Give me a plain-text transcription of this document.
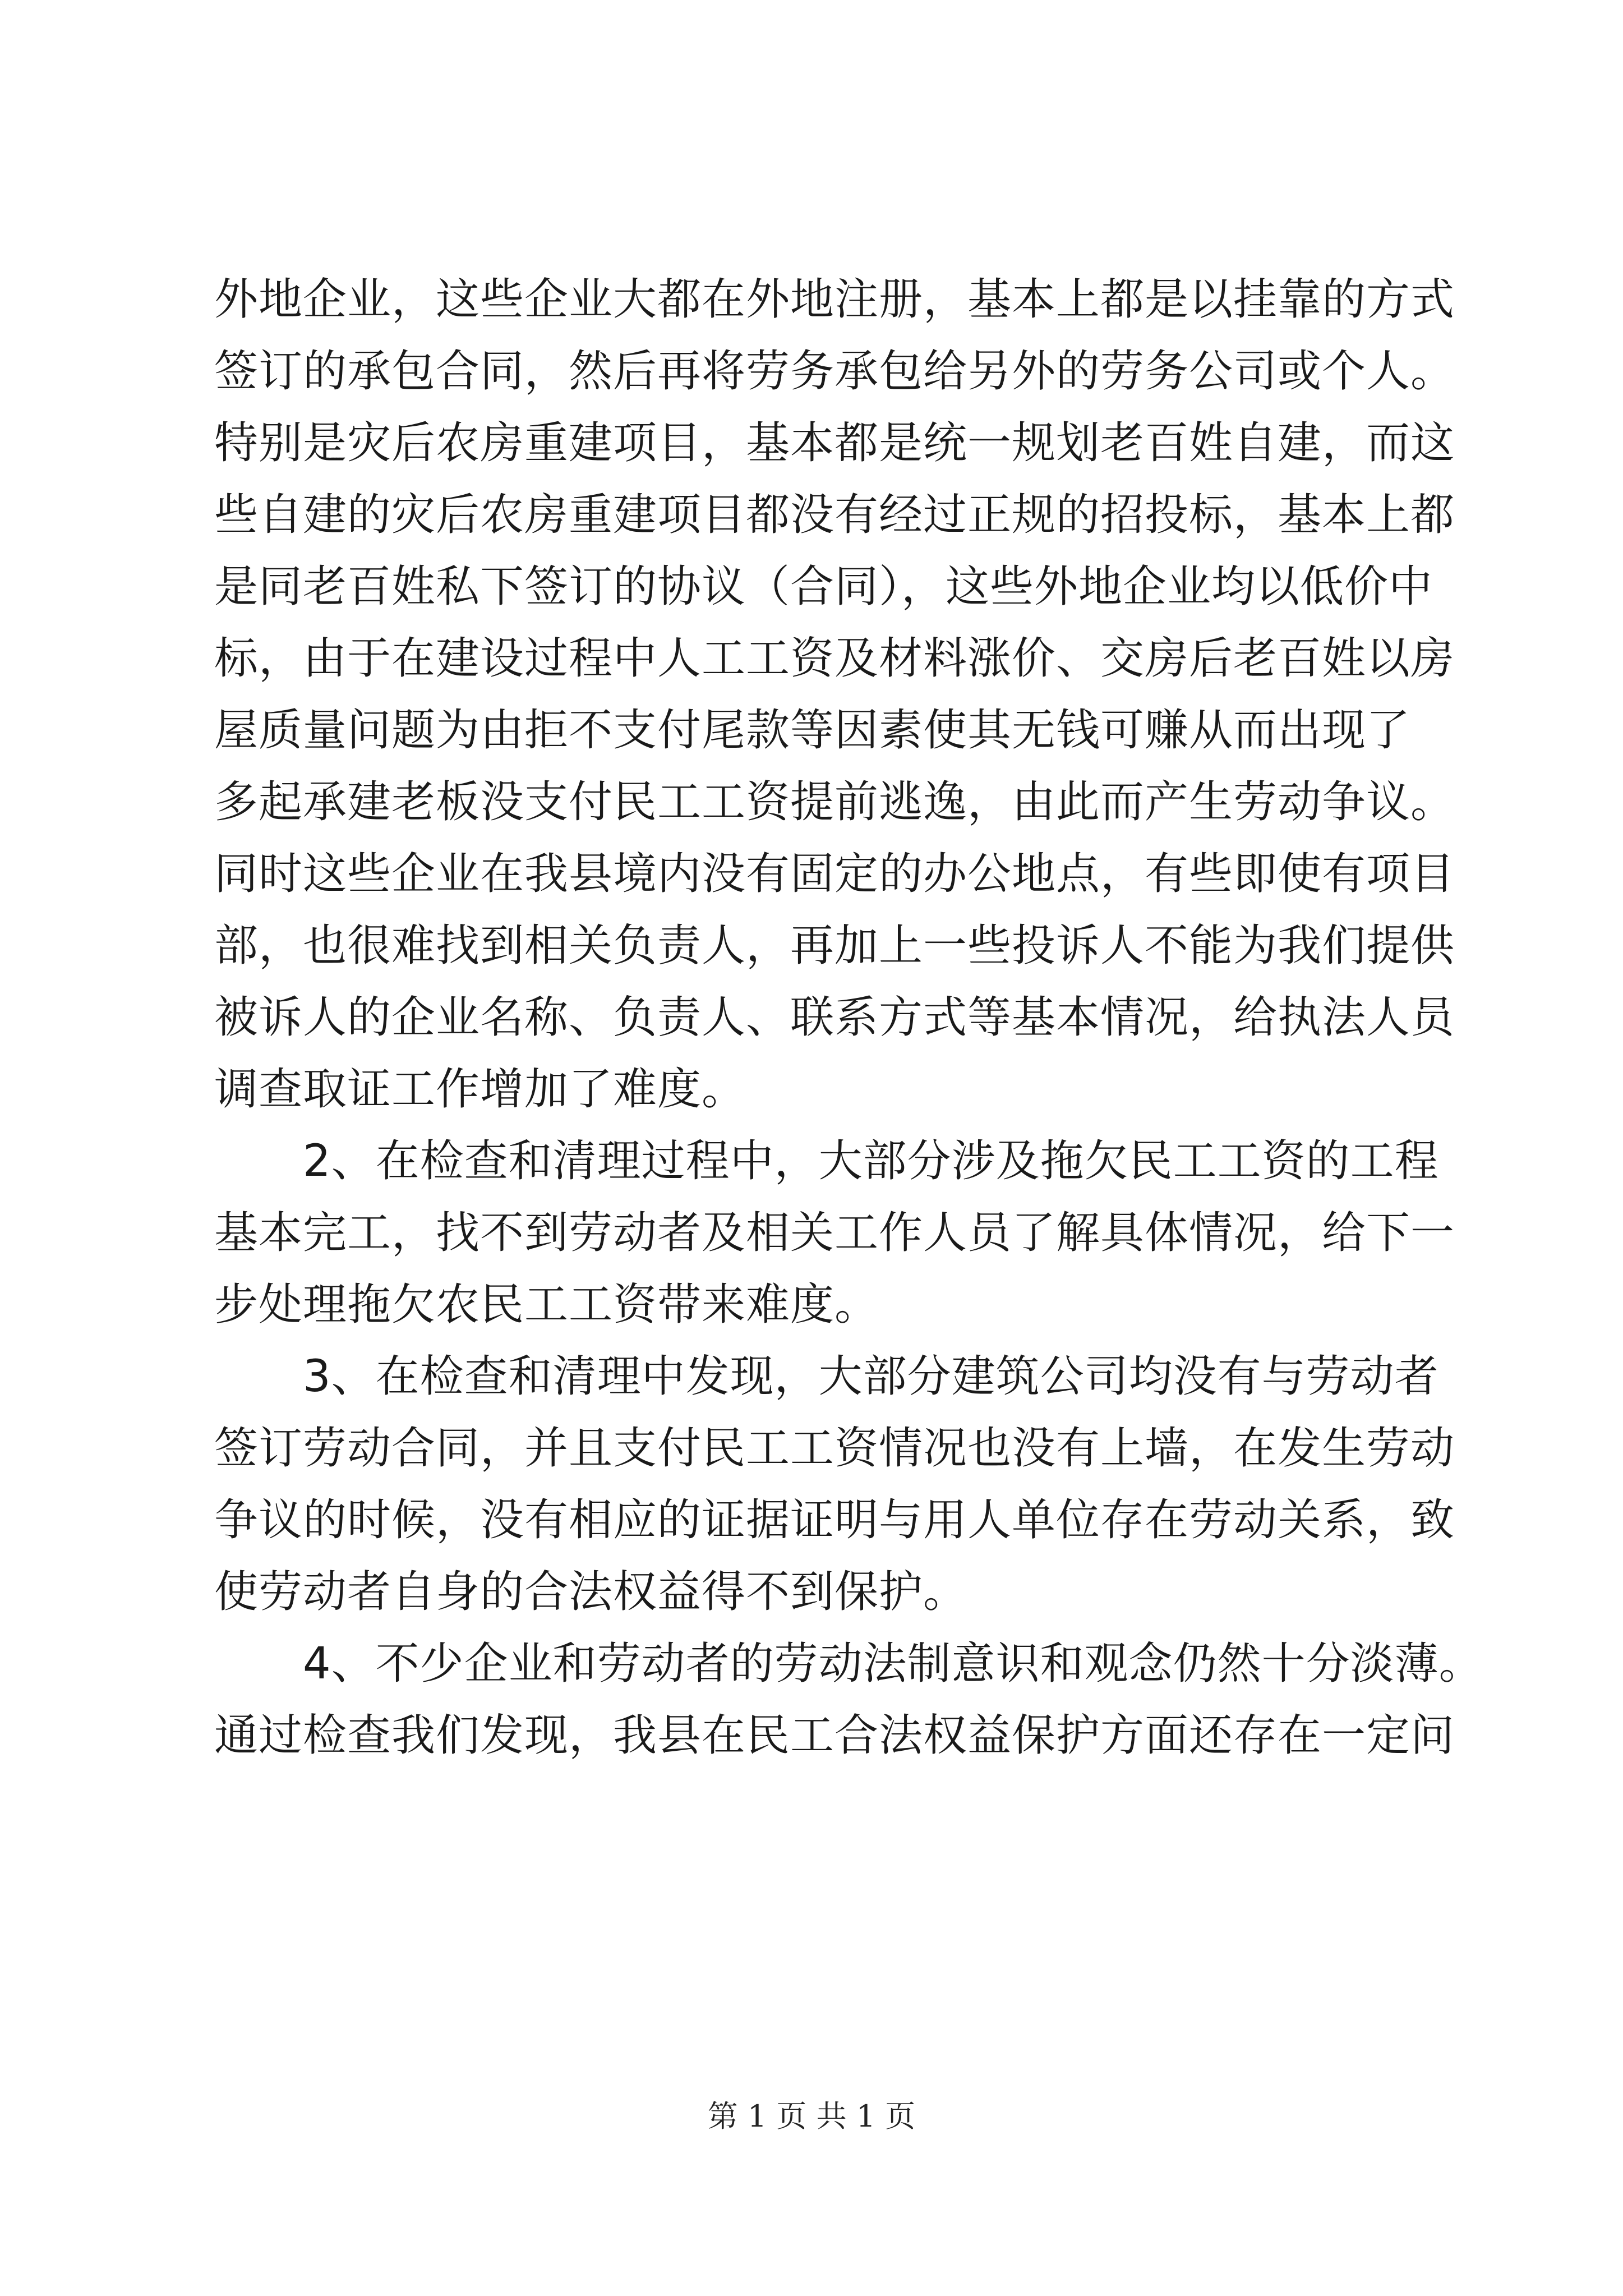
外地企业，这些企业大都在外地注册，基本上都是以挂靠的方式
签订的承包合同，然后再将劳务承包给另外的劳务公司或个人。
特别是灾后农房重建项目，基本都是统一规划老百姓自建，而这
些自建的灾后农房重建项目都没有经过正规的招投标，基本上都
是同老百姓私下签订的协议（合同），这些外地企业均以低价中
标，由于在建设过程中人工工资及材料涨价、交房后老百姓以房
屋质量问题为由拒不支付尾款等因素使其无钱可赚从而出现了
多起承建老板没支付民工工资提前逃逸，由此而产生劳动争议。
同时这些企业在我县境内没有固定的办公地点，有些即使有项目
部，也很难找到相关负责人，再加上一些投诉人不能为我们提供
被诉人的企业名称、负责人、联系方式等基本情况，给执法人员
调查取证工作增加了难度。
　　2、在检查和清理过程中，大部分涉及拖欠民工工资的工程
基本完工，找不到劳动者及相关工作人员了解具体情况，给下一
步处理拖欠农民工工资带来难度。
　　3、在检查和清理中发现，大部分建筑公司均没有与劳动者
签订劳动合同，并且支付民工工资情况也没有上墙，在发生劳动
争议的时候，没有相应的证据证明与用人单位存在劳动关系，致
使劳动者自身的合法权益得不到保护。
　　4、不少企业和劳动者的劳动法制意识和观念仍然十分淡薄。
通过检查我们发现，我县在民工合法权益保护方面还存在一定问
第 1 页 共 1 页
